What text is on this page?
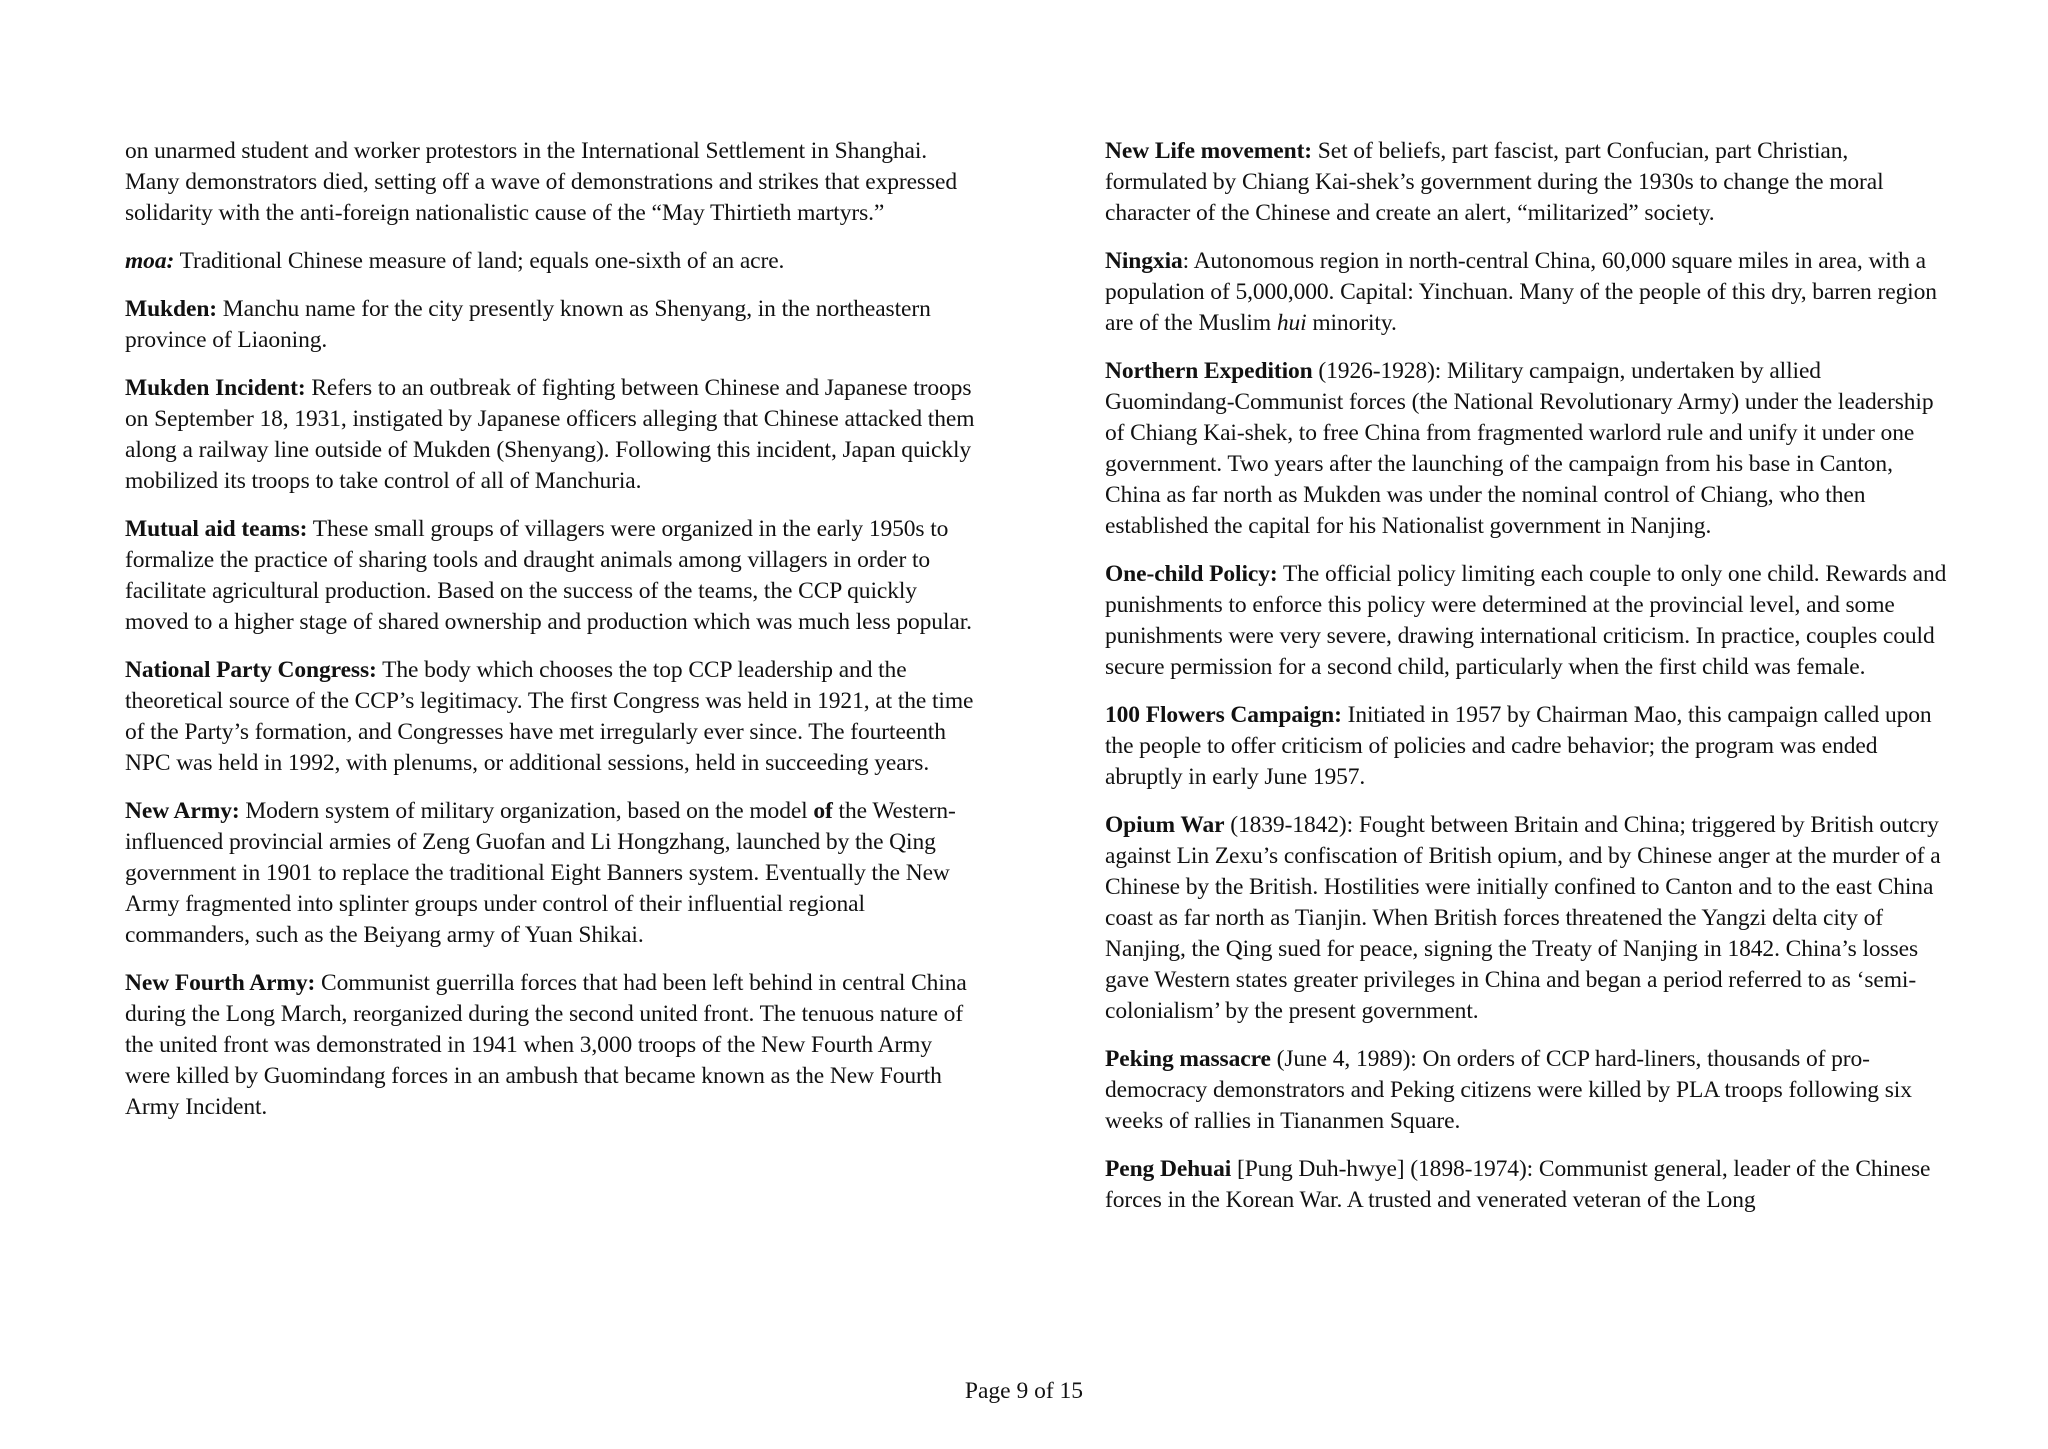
on unarmed student and worker protestors in the International Settlement in Shanghai. Many demonstrators died, setting off a wave of demonstrations and strikes that expressed solidarity with the anti-foreign nationalistic cause of the “May Thirtieth martyrs.”

moa: Traditional Chinese measure of land; equals one-sixth of an acre.

Mukden: Manchu name for the city presently known as Shenyang, in the northeastern province of Liaoning.

Mukden Incident: Refers to an outbreak of fighting between Chinese and Japanese troops on September 18, 1931, instigated by Japanese officers alleging that Chinese attacked them along a railway line outside of Mukden (Shenyang). Following this incident, Japan quickly mobilized its troops to take control of all of Manchuria.

Mutual aid teams: These small groups of villagers were organized in the early 1950s to formalize the practice of sharing tools and draught animals among villagers in order to facilitate agricultural production. Based on the success of the teams, the CCP quickly moved to a higher stage of shared ownership and production which was much less popular.

National Party Congress: The body which chooses the top CCP leadership and the theoretical source of the CCP’s legitimacy. The first Congress was held in 1921, at the time of the Party’s formation, and Congresses have met irregularly ever since. The fourteenth NPC was held in 1992, with plenums, or additional sessions, held in succeeding years.

New Army: Modern system of military organization, based on the model of the Western-influenced provincial armies of Zeng Guofan and Li Hongzhang, launched by the Qing government in 1901 to replace the traditional Eight Banners system. Eventually the New Army fragmented into splinter groups under control of their influential regional commanders, such as the Beiyang army of Yuan Shikai.

New Fourth Army: Communist guerrilla forces that had been left behind in central China during the Long March, reorganized during the second united front. The tenuous nature of the united front was demonstrated in 1941 when 3,000 troops of the New Fourth Army were killed by Guomindang forces in an ambush that became known as the New Fourth Army Incident.

New Life movement: Set of beliefs, part fascist, part Confucian, part Christian, formulated by Chiang Kai-shek’s government during the 1930s to change the moral character of the Chinese and create an alert, “militarized” society.

Ningxia: Autonomous region in north-central China, 60,000 square miles in area, with a population of 5,000,000. Capital: Yinchuan. Many of the people of this dry, barren region are of the Muslim hui minority.

Northern Expedition (1926-1928): Military campaign, undertaken by allied Guomindang-Communist forces (the National Revolutionary Army) under the leadership of Chiang Kai-shek, to free China from fragmented warlord rule and unify it under one government. Two years after the launching of the campaign from his base in Canton, China as far north as Mukden was under the nominal control of Chiang, who then established the capital for his Nationalist government in Nanjing.

One-child Policy: The official policy limiting each couple to only one child. Rewards and punishments to enforce this policy were determined at the provincial level, and some punishments were very severe, drawing international criticism. In practice, couples could secure permission for a second child, particularly when the first child was female.

100 Flowers Campaign: Initiated in 1957 by Chairman Mao, this campaign called upon the people to offer criticism of policies and cadre behavior; the program was ended abruptly in early June 1957.

Opium War (1839-1842): Fought between Britain and China; triggered by British outcry against Lin Zexu’s confiscation of British opium, and by Chinese anger at the murder of a Chinese by the British. Hostilities were initially confined to Canton and to the east China coast as far north as Tianjin. When British forces threatened the Yangzi delta city of Nanjing, the Qing sued for peace, signing the Treaty of Nanjing in 1842. China’s losses gave Western states greater privileges in China and began a period referred to as ‘semi-colonialism’ by the present government.

Peking massacre (June 4, 1989): On orders of CCP hard-liners, thousands of pro-democracy demonstrators and Peking citizens were killed by PLA troops following six weeks of rallies in Tiananmen Square.

Peng Dehuai [Pung Duh-hwye] (1898-1974): Communist general, leader of the Chinese forces in the Korean War. A trusted and venerated veteran of the Long

Page 9 of 15
